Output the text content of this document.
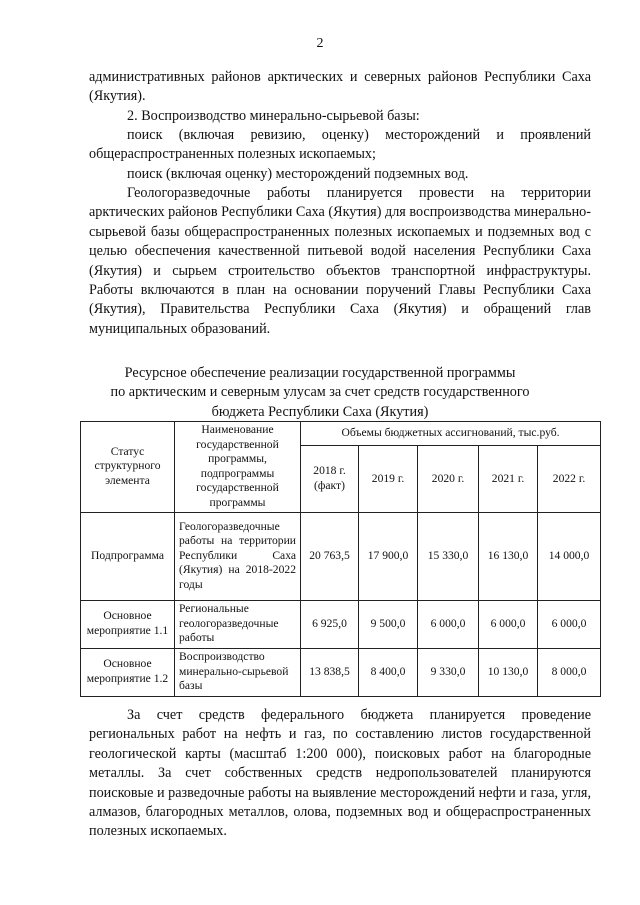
2

административных районов арктических и северных районов Республики Саха (Якутия).

2. Воспроизводство минерально-сырьевой базы:

поиск (включая ревизию, оценку) месторождений и проявлений общераспространенных полезных ископаемых;

поиск (включая оценку) месторождений подземных вод.

Геологоразведочные работы планируется провести на территории арктических районов Республики Саха (Якутия) для воспроизводства минерально-сырьевой базы общераспространенных полезных ископаемых и подземных вод с целью обеспечения качественной питьевой водой населения Республики Саха (Якутия) и сырьем строительство объектов транспортной инфраструктуры. Работы включаются в план на основании поручений Главы Республики Саха (Якутия), Правительства Республики Саха (Якутия) и обращений глав муниципальных образований.

Ресурсное обеспечение реализации государственной программы
по арктическим и северным улусам за счет средств государственного
бюджета Республики Саха (Якутия)
Статус структурного элемента	Наименование государственной программы, подпрограммы государственной программы	Объемы бюджетных ассигнований, тыс.руб.				
		2018 г. (факт)	2019 г.	2020 г.	2021 г.	2022 г.
Подпрограмма	Геологоразведочные работы на территории Республики Саха (Якутия) на 2018-2022 годы	20 763,5	17 900,0	15 330,0	16 130,0	14 000,0
Основное мероприятие 1.1	Региональные геологоразведочные работы	6 925,0	9 500,0	6 000,0	6 000,0	6 000,0
Основное мероприятие 1.2	Воспроизводство минерально-сырьевой базы	13 838,5	8 400,0	9 330,0	10 130,0	8 000,0

За счет средств федерального бюджета планируется проведение региональных работ на нефть и газ, по составлению листов государственной геологической карты (масштаб 1:200 000), поисковых работ на благородные металлы. За счет собственных средств недропользователей планируются поисковые и разведочные работы на выявление месторождений нефти и газа, угля, алмазов, благородных металлов, олова, подземных вод и общераспространенных полезных ископаемых.
